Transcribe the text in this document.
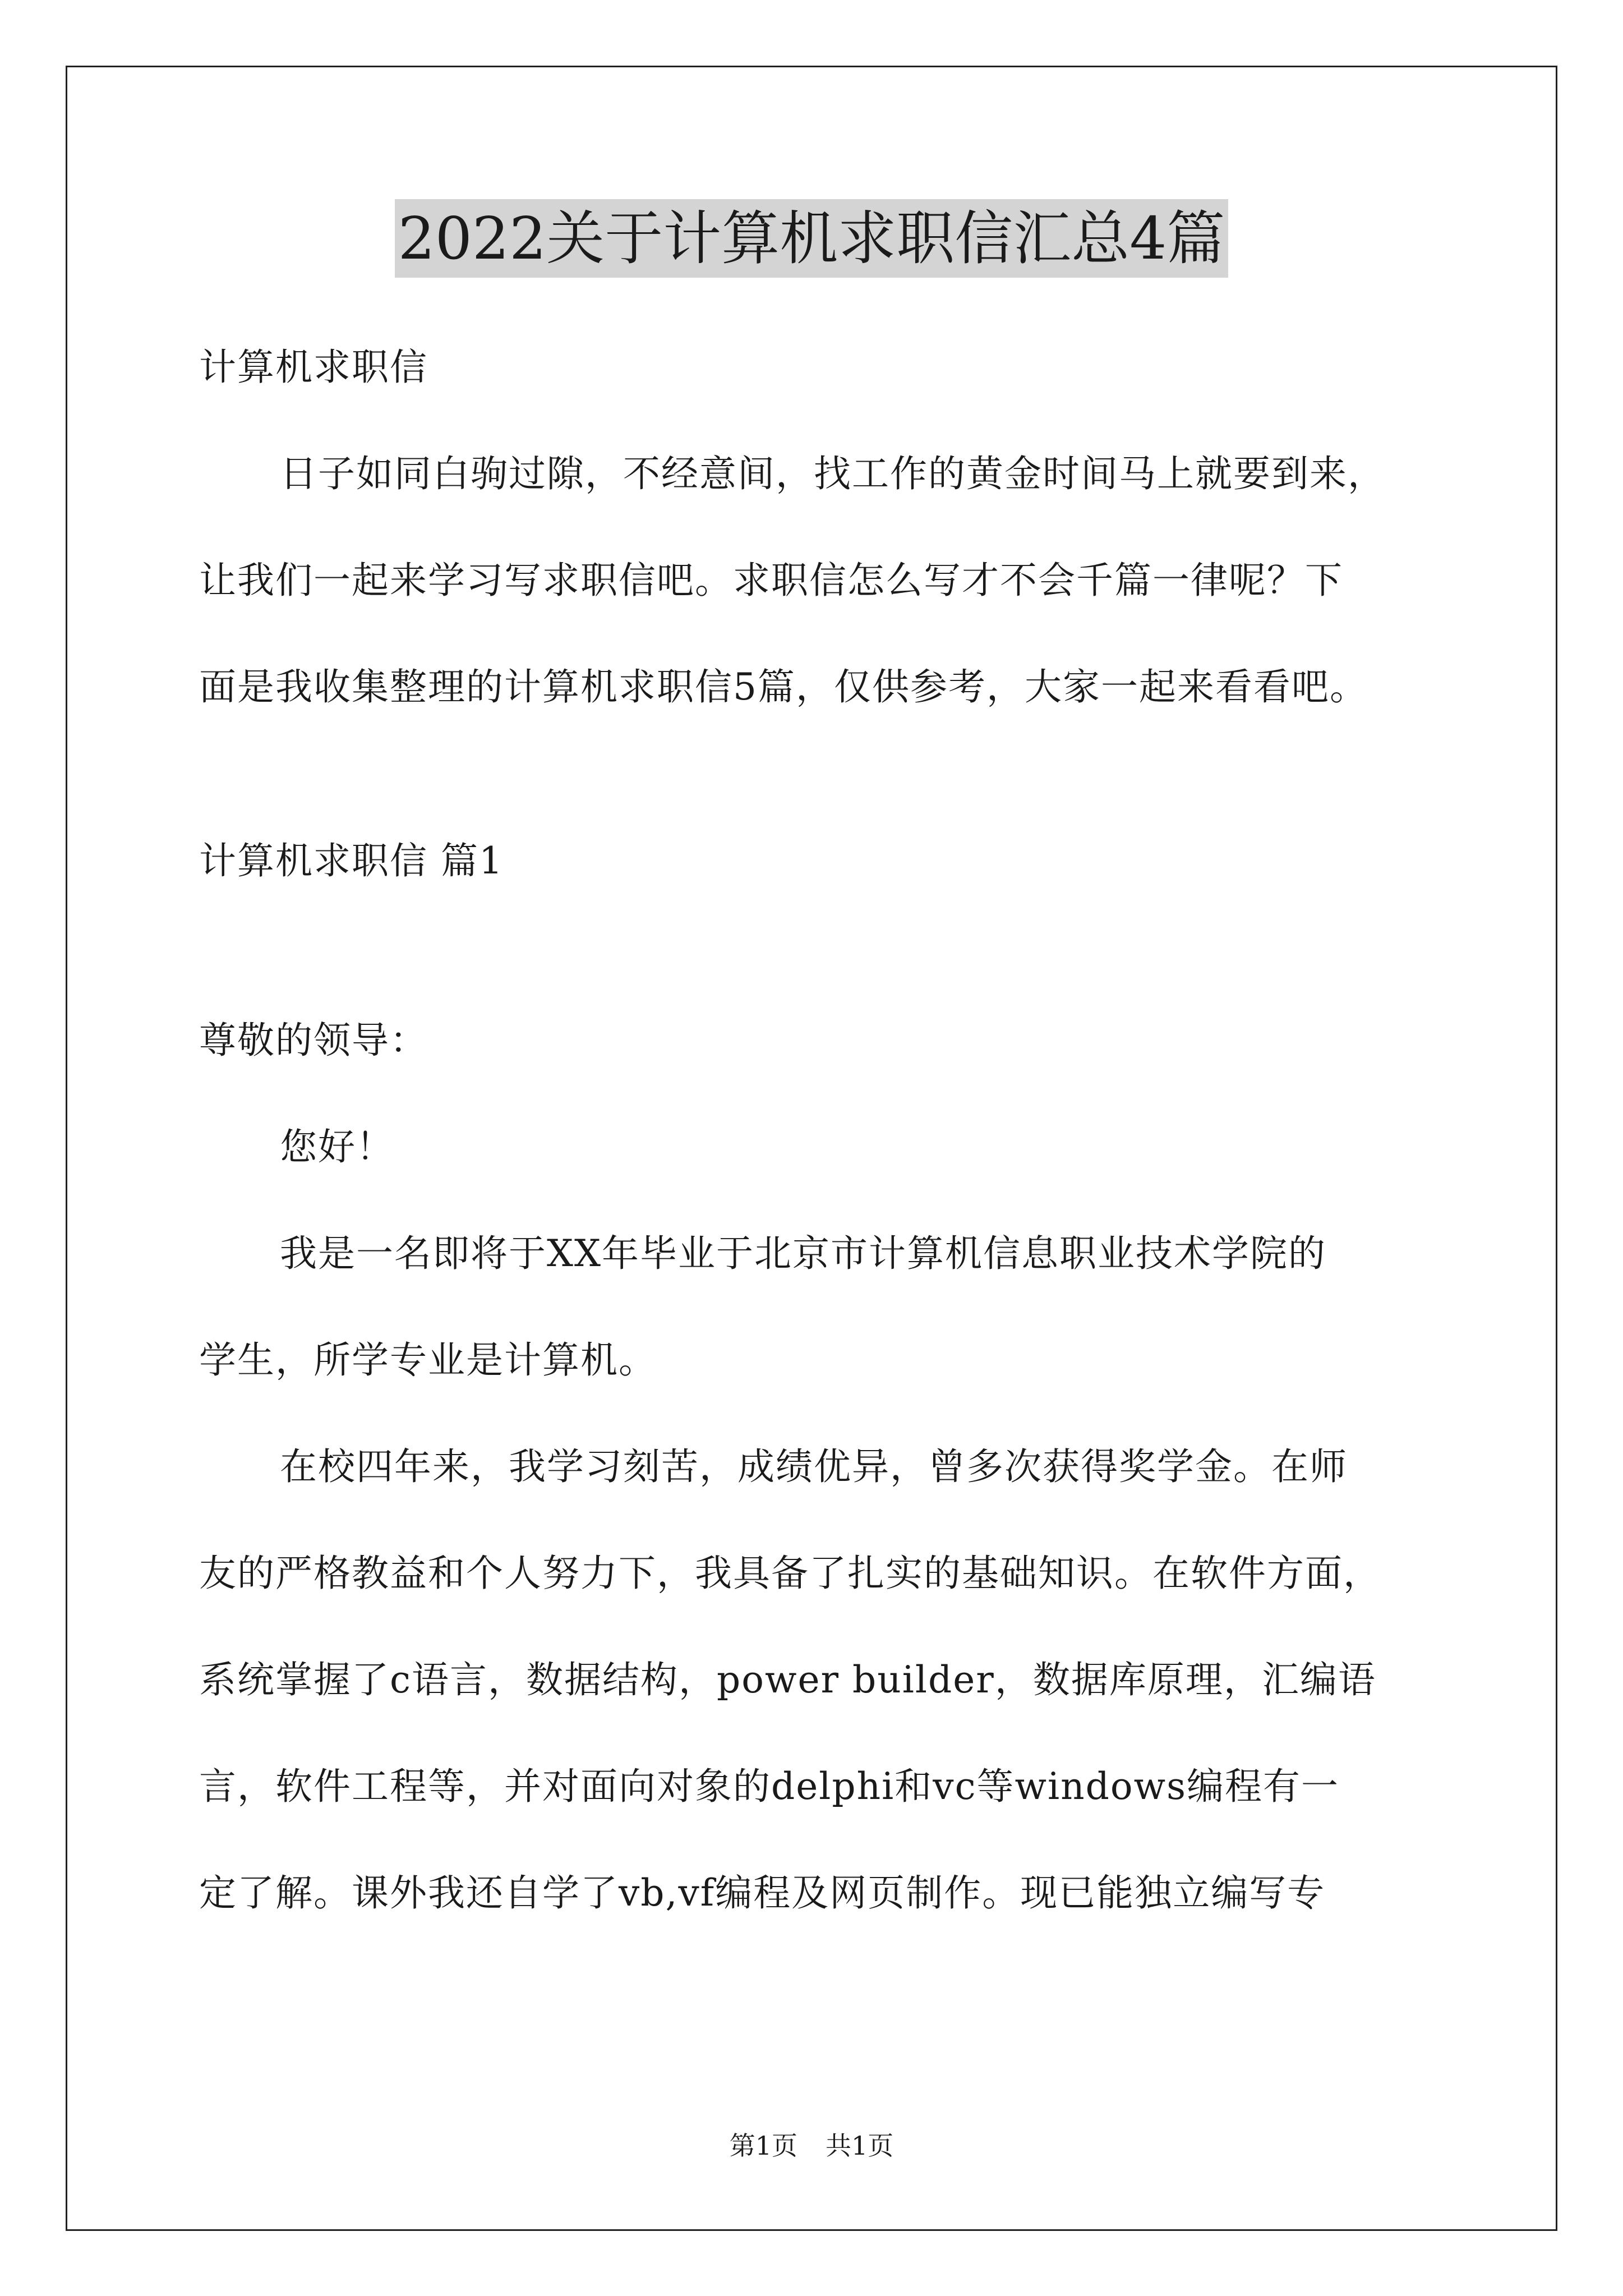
2022关于计算机求职信汇总4篇
计算机求职信
日子如同白驹过隙，不经意间，找工作的黄金时间马上就要到来，
让我们一起来学习写求职信吧。求职信怎么写才不会千篇一律呢？下
面是我收集整理的计算机求职信5篇，仅供参考，大家一起来看看吧。
计算机求职信 篇1
尊敬的领导：
您好！
我是一名即将于XX年毕业于北京市计算机信息职业技术学院的
学生，所学专业是计算机。
在校四年来，我学习刻苦，成绩优异，曾多次获得奖学金。在师
友的严格教益和个人努力下，我具备了扎实的基础知识。在软件方面，
系统掌握了c语言，数据结构，power builder，数据库原理，汇编语
言，软件工程等，并对面向对象的delphi和vc等windows编程有一
定了解。课外我还自学了vb,vf编程及网页制作。现已能独立编写专
第1页 共1页
